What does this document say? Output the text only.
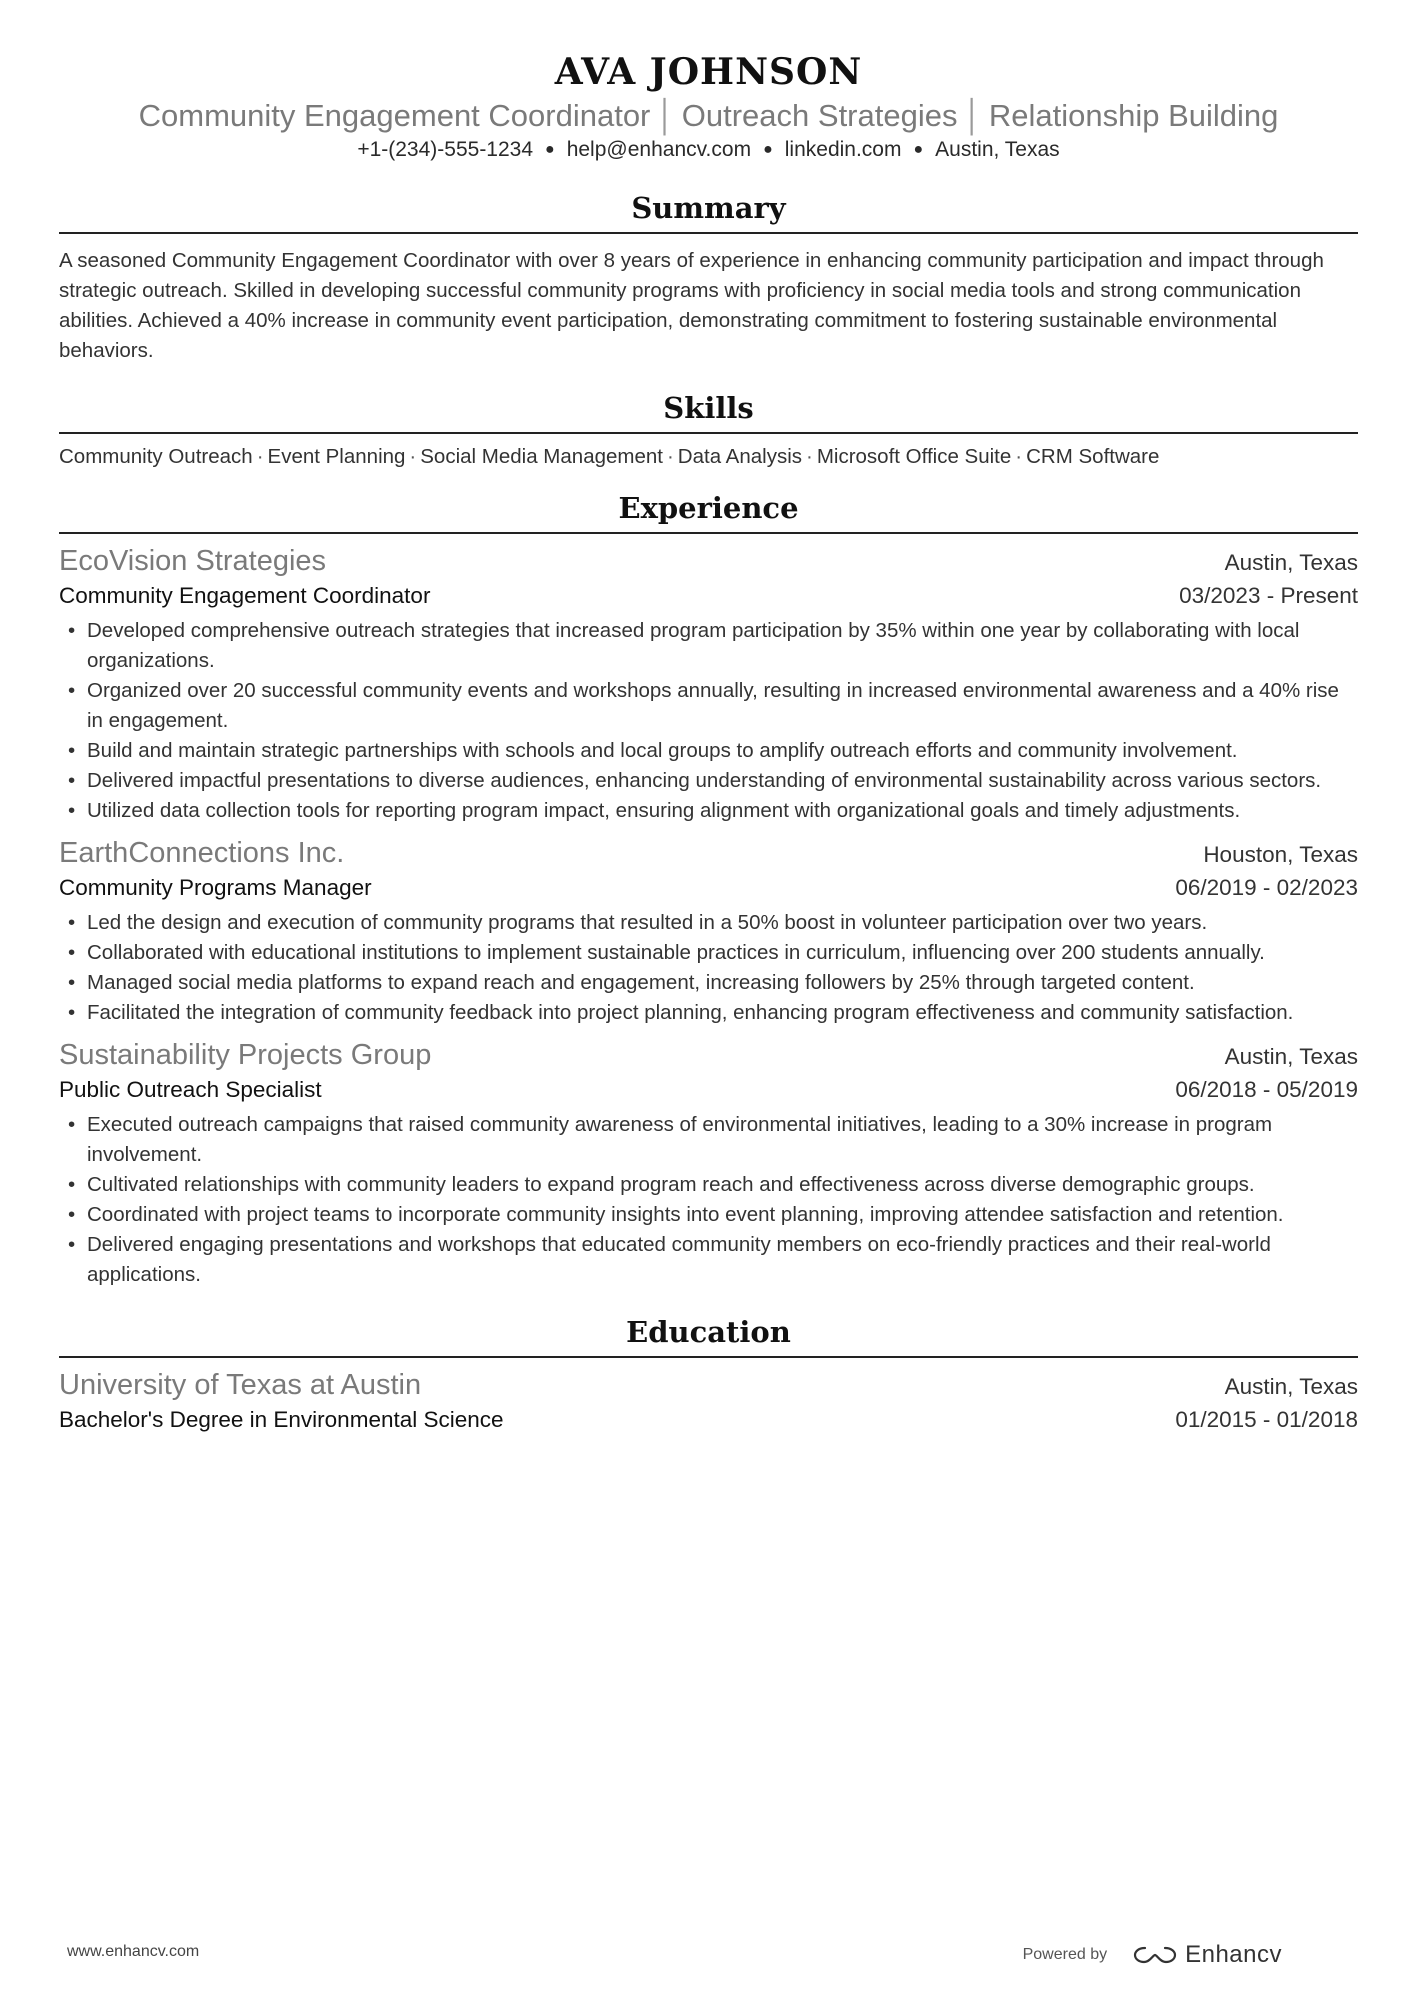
AVA JOHNSON
Community Engagement Coordinator │ Outreach Strategies │ Relationship Building
+1-(234)-555-1234 ● help@enhancv.com ● linkedin.com ● Austin, Texas
Summary
A seasoned Community Engagement Coordinator with over 8 years of experience in enhancing community participation and impact through strategic outreach. Skilled in developing successful community programs with proficiency in social media tools and strong communication abilities. Achieved a 40% increase in community event participation, demonstrating commitment to fostering sustainable environmental behaviors.
Skills
Community Outreach · Event Planning · Social Media Management · Data Analysis · Microsoft Office Suite · CRM Software
Experience
EcoVision Strategies	Austin, Texas
Community Engagement Coordinator	03/2023 - Present
• Developed comprehensive outreach strategies that increased program participation by 35% within one year by collaborating with local organizations.
• Organized over 20 successful community events and workshops annually, resulting in increased environmental awareness and a 40% rise in engagement.
• Build and maintain strategic partnerships with schools and local groups to amplify outreach efforts and community involvement.
• Delivered impactful presentations to diverse audiences, enhancing understanding of environmental sustainability across various sectors.
• Utilized data collection tools for reporting program impact, ensuring alignment with organizational goals and timely adjustments.
EarthConnections Inc.	Houston, Texas
Community Programs Manager	06/2019 - 02/2023
• Led the design and execution of community programs that resulted in a 50% boost in volunteer participation over two years.
• Collaborated with educational institutions to implement sustainable practices in curriculum, influencing over 200 students annually.
• Managed social media platforms to expand reach and engagement, increasing followers by 25% through targeted content.
• Facilitated the integration of community feedback into project planning, enhancing program effectiveness and community satisfaction.
Sustainability Projects Group	Austin, Texas
Public Outreach Specialist	06/2018 - 05/2019
• Executed outreach campaigns that raised community awareness of environmental initiatives, leading to a 30% increase in program involvement.
• Cultivated relationships with community leaders to expand program reach and effectiveness across diverse demographic groups.
• Coordinated with project teams to incorporate community insights into event planning, improving attendee satisfaction and retention.
• Delivered engaging presentations and workshops that educated community members on eco-friendly practices and their real-world applications.
Education
University of Texas at Austin	Austin, Texas
Bachelor's Degree in Environmental Science	01/2015 - 01/2018
www.enhancv.com	Powered by	Enhancv
